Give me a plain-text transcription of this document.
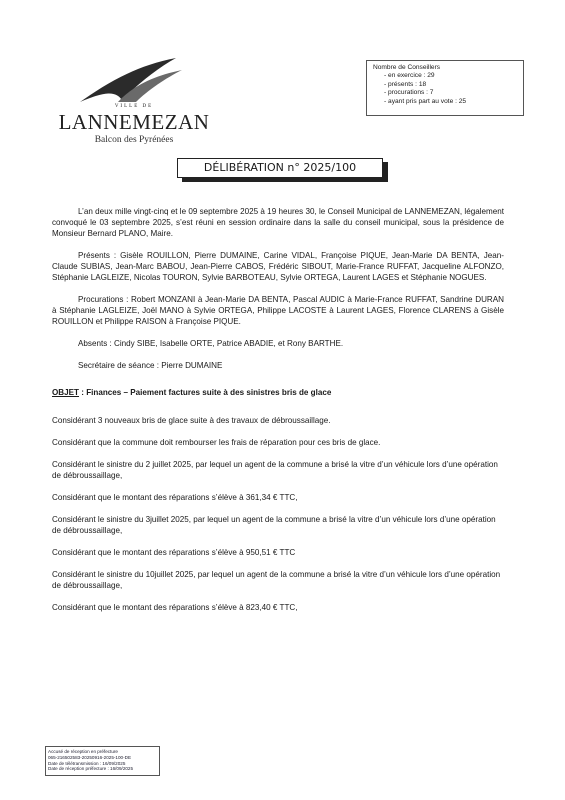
VILLE DE
LANNEMEZAN
Balcon des Pyrénées
Nombre de Conseillers
- en exercice : 29
- présents : 18
- procurations : 7
- ayant pris part au vote : 25
DÉLIBÉRATION n° 2025/100

L’an deux mille vingt-cinq et le 09 septembre 2025 à 19 heures 30, le Conseil Municipal de LANNEMEZAN, légalement convoqué le 03 septembre 2025, s’est réuni en session ordinaire dans la salle du conseil municipal, sous la présidence de Monsieur Bernard PLANO, Maire.

Présents : Gisèle ROUILLON, Pierre DUMAINE, Carine VIDAL, Françoise PIQUE, Jean-Marie DA BENTA, Jean-Claude SUBIAS, Jean-Marc BABOU, Jean-Pierre CABOS, Frédéric SIBOUT, Marie-France RUFFAT, Jacqueline ALFONZO, Stéphanie LAGLEIZE, Nicolas TOURON, Sylvie BARBOTEAU, Sylvie ORTEGA, Laurent LAGES et Stéphanie NOGUES.

Procurations : Robert MONZANI à Jean-Marie DA BENTA, Pascal AUDIC à Marie-France RUFFAT, Sandrine DURAN à Stéphanie LAGLEIZE, Joël MANO à Sylvie ORTEGA, Philippe LACOSTE à Laurent LAGES, Florence CLARENS à Gisèle ROUILLON et Philippe RAISON à Françoise PIQUE.

Absents : Cindy SIBE, Isabelle ORTE, Patrice ABADIE, et Rony BARTHE.

Secrétaire de séance : Pierre DUMAINE

OBJET : Finances – Paiement factures suite à des sinistres bris de glace

Considérant 3 nouveaux bris de glace suite à des travaux de débroussaillage.

Considérant que la commune doit rembourser les frais de réparation pour ces bris de glace.

Considérant le sinistre du 2 juillet 2025, par lequel un agent de la commune a brisé la vitre d’un véhicule lors d’une opération de débroussaillage,

Considérant que le montant des réparations s’élève à 361,34 € TTC,

Considérant le sinistre du 3juillet 2025, par lequel un agent de la commune a brisé la vitre d’un véhicule lors d’une opération de débroussaillage,

Considérant que le montant des réparations s’élève à 950,51 € TTC

Considérant le sinistre du 10juillet 2025, par lequel un agent de la commune a brisé la vitre d’un véhicule lors d’une opération de débroussaillage,

Considérant que le montant des réparations s’élève à 823,40 € TTC,

Accusé de réception en préfecture
065-216502583-20250916-2025-100-DE
Date de télétransmission : 16/09/2025
Date de réception préfecture : 16/09/2025
